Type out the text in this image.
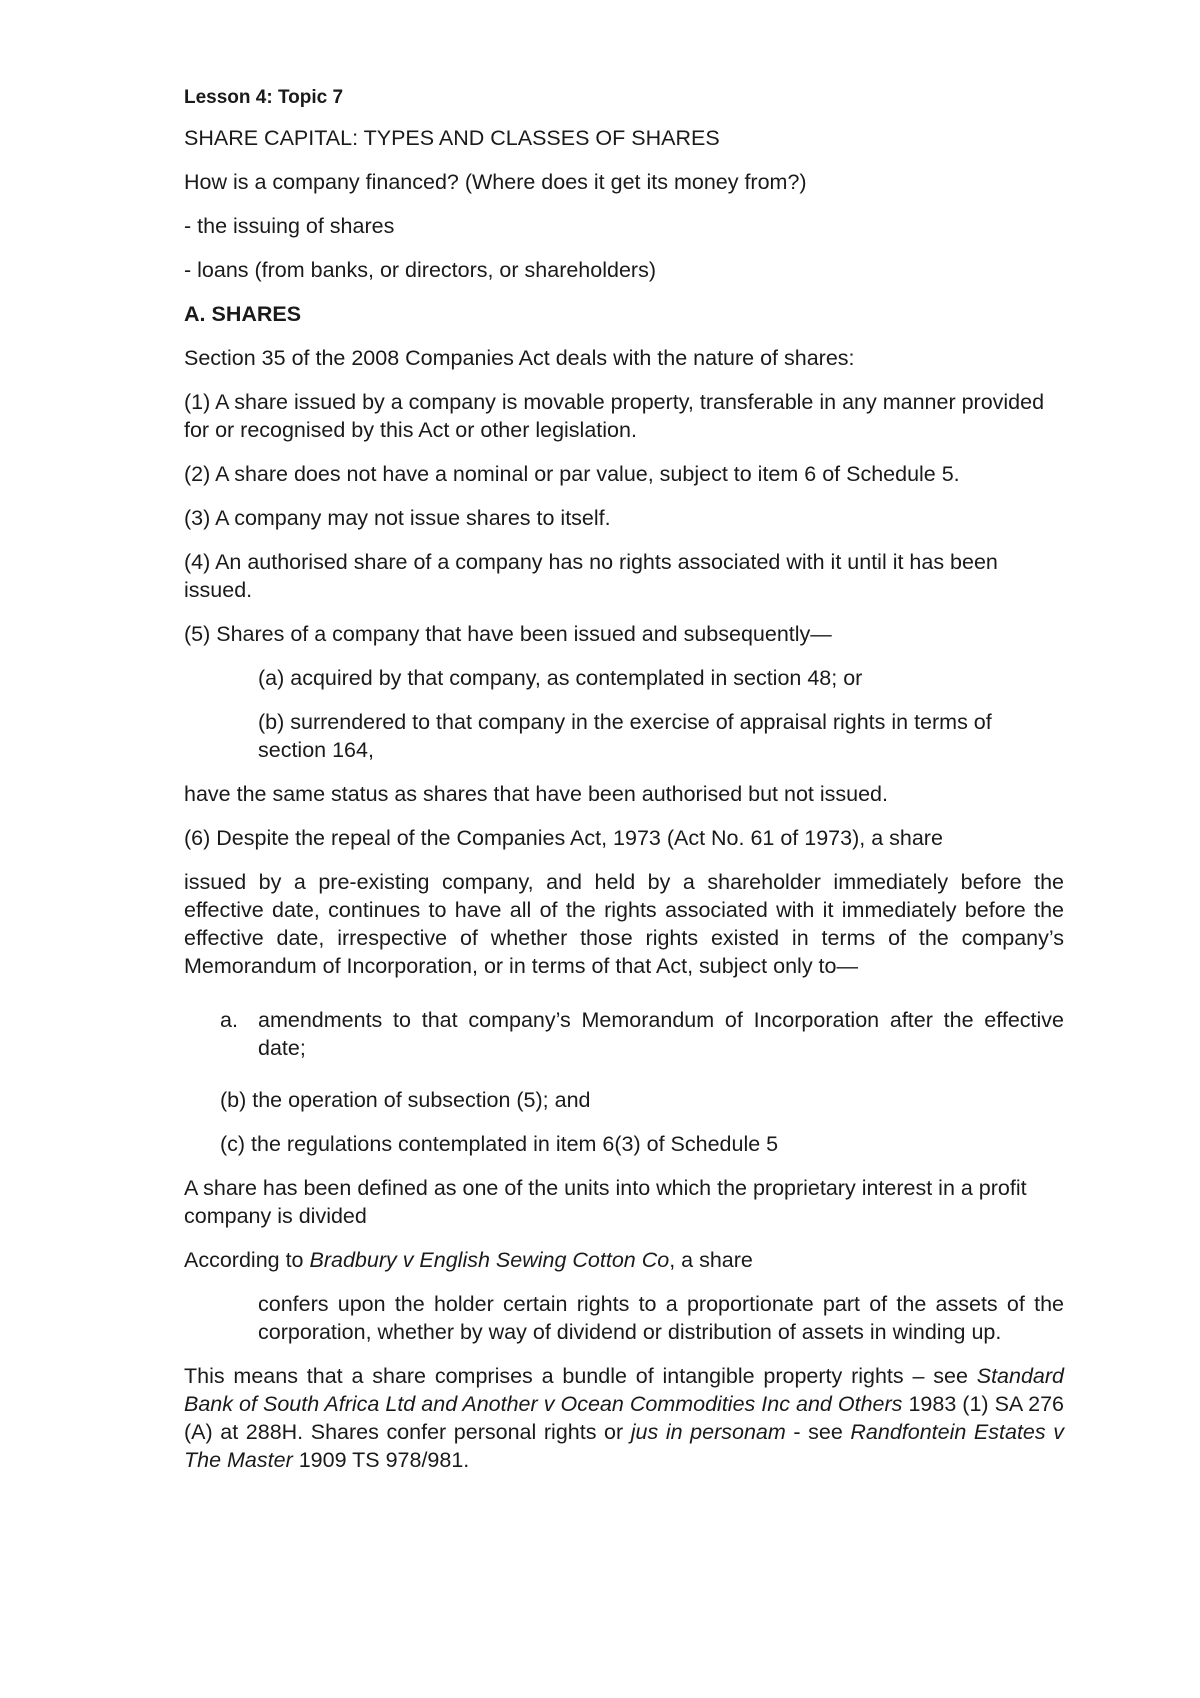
Lesson 4: Topic 7

SHARE CAPITAL: TYPES AND CLASSES OF SHARES

How is a company financed? (Where does it get its money from?)

- the issuing of shares

- loans (from banks, or directors, or shareholders)

A. SHARES

Section 35 of the 2008 Companies Act deals with the nature of shares:

(1) A share issued by a company is movable property, transferable in any manner provided for or recognised by this Act or other legislation.

(2) A share does not have a nominal or par value, subject to item 6 of Schedule 5.

(3) A company may not issue shares to itself.

(4) An authorised share of a company has no rights associated with it until it has been issued.

(5) Shares of a company that have been issued and subsequently—

(a) acquired by that company, as contemplated in section 48; or

(b) surrendered to that company in the exercise of appraisal rights in terms of section 164,

have the same status as shares that have been authorised but not issued.

(6) Despite the repeal of the Companies Act, 1973 (Act No. 61 of 1973), a share

issued by a pre-existing company, and held by a shareholder immediately before the effective date, continues to have all of the rights associated with it immediately before the effective date, irrespective of whether those rights existed in terms of the company’s Memorandum of Incorporation, or in terms of that Act, subject only to—

a. amendments to that company’s Memorandum of Incorporation after the effective date;

(b) the operation of subsection (5); and

(c) the regulations contemplated in item 6(3) of Schedule 5

A share has been defined as one of the units into which the proprietary interest in a profit company is divided

According to Bradbury v English Sewing Cotton Co, a share

confers upon the holder certain rights to a proportionate part of the assets of the corporation, whether by way of dividend or distribution of assets in winding up.

This means that a share comprises a bundle of intangible property rights – see Standard Bank of South Africa Ltd and Another v Ocean Commodities Inc and Others 1983 (1) SA 276 (A) at 288H. Shares confer personal rights or jus in personam - see Randfontein Estates v The Master 1909 TS 978/981.
